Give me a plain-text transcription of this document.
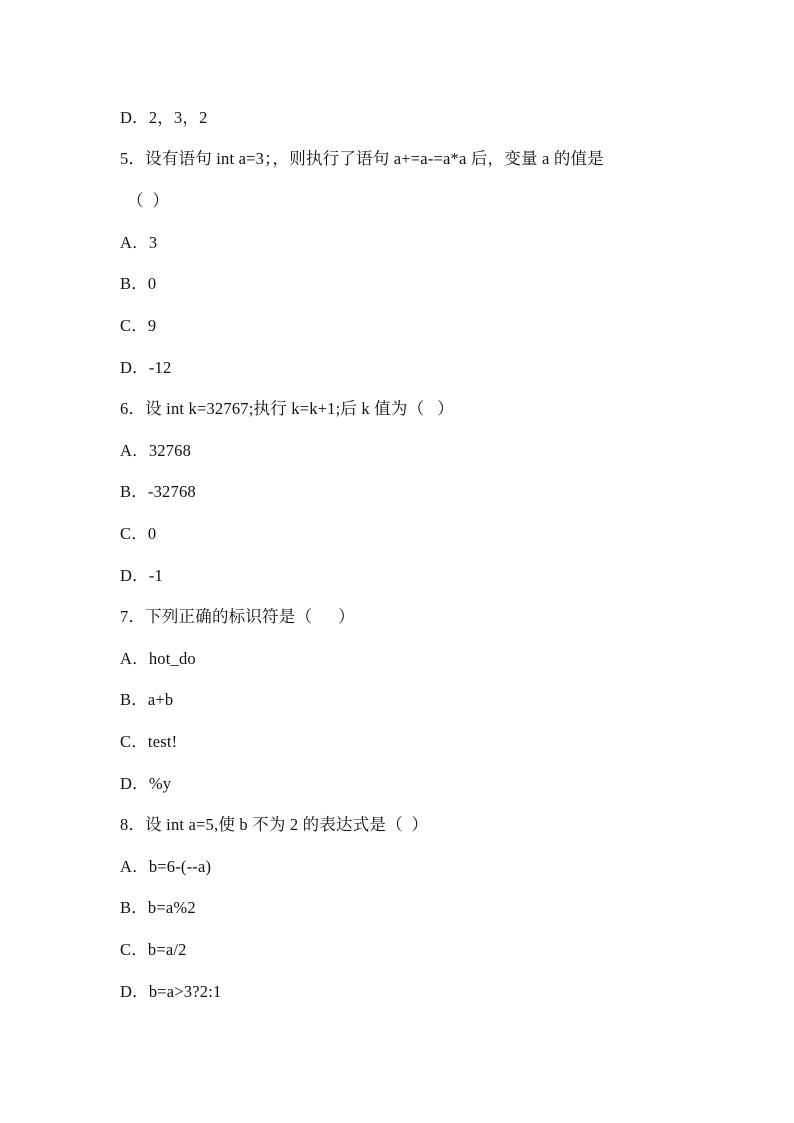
D．2，3，2
5．设有语句 int a=3；，则执行了语句 a+=a-=a*a 后，变量 a 的值是
（  ）
A．3
B．0
C．9
D．-12
6．设 int k=32767;执行 k=k+1;后 k 值为（   ）
A．32768
B．-32768
C．0
D．-1
7．下列正确的标识符是（      ）
A．hot_do
B．a+b
C．test!
D．%y
8．设 int a=5,使 b 不为 2 的表达式是（  ）
A．b=6-(--a)
B．b=a%2
C．b=a/2
D．b=a>3?2:1
